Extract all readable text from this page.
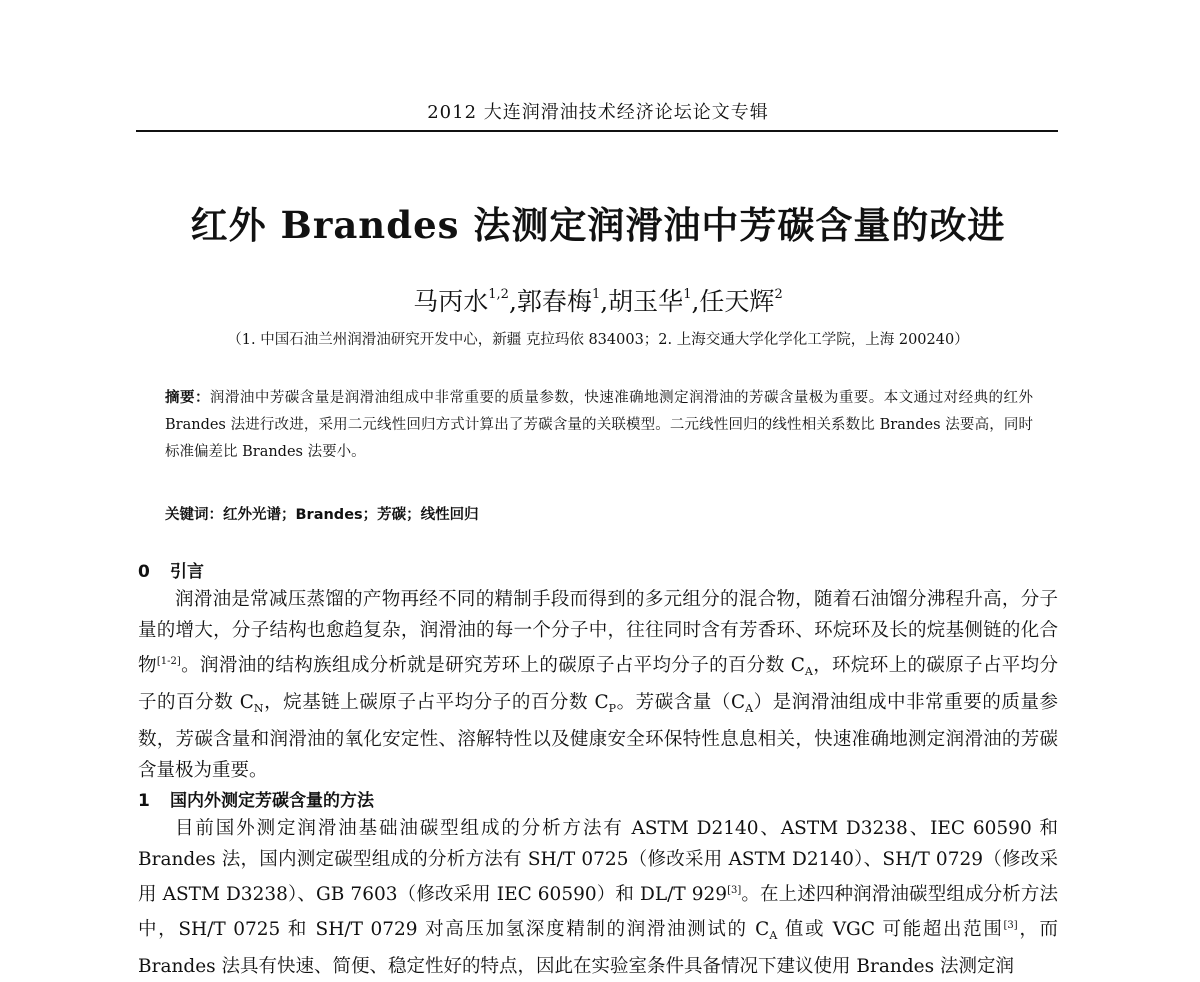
2012 大连润滑油技术经济论坛论文专辑
红外 Brandes 法测定润滑油中芳碳含量的改进
马丙水$^{1,2}$,郭春梅$^1$,胡玉华$^1$,任天辉$^2$
（1. 中国石油兰州润滑油研究开发中心，新疆 克拉玛依 834003；2. 上海交通大学化学化工学院，上海 200240）
摘要：润滑油中芳碳含量是润滑油组成中非常重要的质量参数，快速准确地测定润滑油的芳碳含量极为重要。本文通过对经典的红外 Brandes 法进行改进，采用二元线性回归方式计算出了芳碳含量的关联模型。二元线性回归的线性相关系数比 Brandes 法要高，同时标准偏差比 Brandes 法要小。
关键词：红外光谱；Brandes；芳碳；线性回归
0 引言

润滑油是常减压蒸馏的产物再经不同的精制手段而得到的多元组分的混合物，随着石油馏分沸程升高，分子量的增大，分子结构也愈趋复杂，润滑油的每一个分子中，往往同时含有芳香环、环烷环及长的烷基侧链的化合物[1-2]。润滑油的结构族组成分析就是研究芳环上的碳原子占平均分子的百分数 $C_A$，环烷环上的碳原子占平均分子的百分数 $C_N$，烷基链上碳原子占平均分子的百分数 $C_P$。芳碳含量$(C_A)$是润滑油组成中非常重要的质量参数，芳碳含量和润滑油的氧化安定性、溶解特性以及健康安全环保特性息息相关，快速准确地测定润滑油的芳碳含量极为重要。

1 国内外测定芳碳含量的方法

目前国外测定润滑油基础油碳型组成的分析方法有 ASTM D2140、ASTM D3238、IEC 60590 和 Brandes 法，国内测定碳型组成的分析方法有 SH/T 0725（修改采用 ASTM D2140）、SH/T 0729（修改采用 ASTM D3238）、GB 7603（修改采用 IEC 60590）和 DL/T 929[3]。在上述四种润滑油碳型组成分析方法中，SH/T 0725 和 SH/T 0729 对高压加氢深度精制的润滑油测试的 $C_A$ 值或 VGC 可能超出范围[3]，而 Brandes 法具有快速、简便、稳定性好的特点，因此在实验室条件具备情况下建议使用 Brandes 法测定润
